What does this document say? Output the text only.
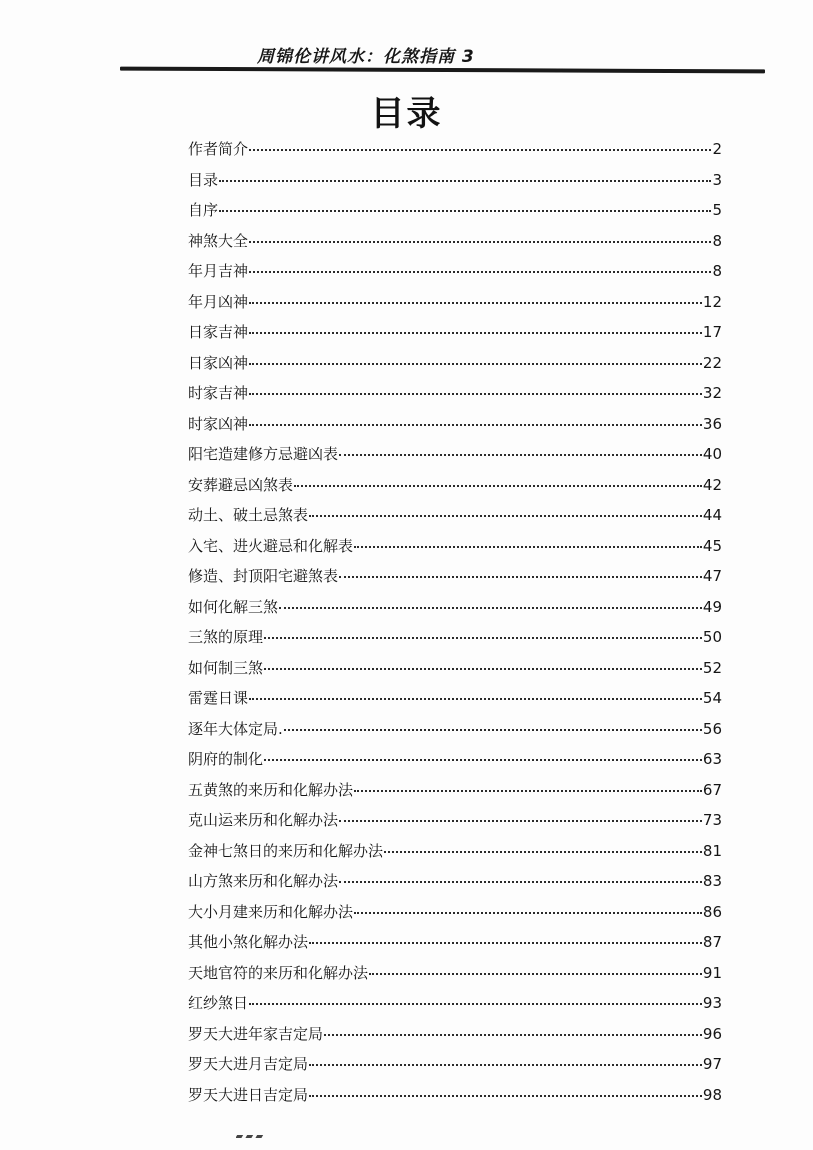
周锦伦讲风水：化煞指南 3
目录
作者简介	2
目录	3
自序	5
神煞大全	8
年月吉神	8
年月凶神	12
日家吉神	17
日家凶神	22
时家吉神	32
时家凶神	36
阳宅造建修方忌避凶表	40
安葬避忌凶煞表	42
动土、破土忌煞表	44
入宅、进火避忌和化解表	45
修造、封顶阳宅避煞表	47
如何化解三煞	49
三煞的原理	50
如何制三煞	52
雷霆日课	54
逐年大体定局.	56
阴府的制化	63
五黄煞的来历和化解办法	67
克山运来历和化解办法	73
金神七煞日的来历和化解办法	81
山方煞来历和化解办法	83
大小月建来历和化解办法	86
其他小煞化解办法	87
天地官符的来历和化解办法	91
红纱煞日	93
罗天大进年家吉定局	96
罗天大进月吉定局	97
罗天大进日吉定局	98
